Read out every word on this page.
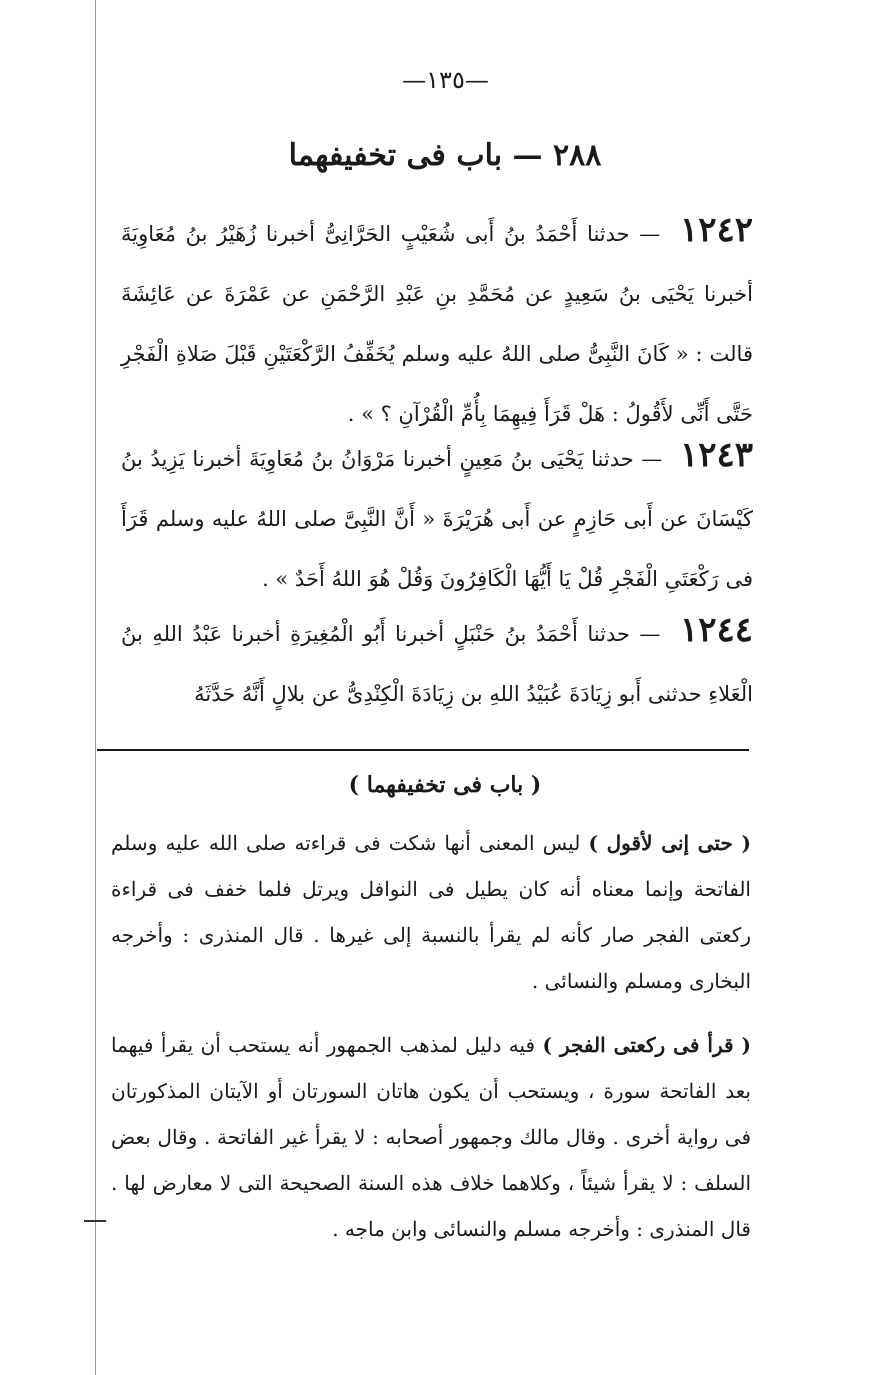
—١٣٥—
٢٨٨ — باب فى تخفيفهما
١٢٤٢ — حدثنا أَحْمَدُ بنُ أَبى شُعَيْبٍ الحَرَّانِىُّ أخبرنا زُهَيْرُ بنُ مُعَاوِيَةَ أخبرنا يَحْيَى بنُ سَعِيدٍ عن مُحَمَّدِ بنِ عَبْدِ الرَّحْمَنِ عن عَمْرَةَ عن عَائِشَةَ قالت : « كَانَ النَّبِىُّ صلى اللهُ عليه وسلم يُخَفِّفُ الرَّكْعَتَيْنِ قَبْلَ صَلاةِ الْفَجْرِ حَتَّى أَنِّى لأَقُولُ : هَلْ قَرَأَ فِيهِمَا بِأُمِّ الْقُرْآنِ ؟ » .
١٢٤٣ — حدثنا يَحْيَى بنُ مَعِينٍ أخبرنا مَرْوَانُ بنُ مُعَاوِيَةَ أخبرنا يَزِيدُ بنُ كَيْسَانَ عن أَبى حَازِمٍ عن أَبى هُرَيْرَةَ « أَنَّ النَّبِىَّ صلى اللهُ عليه وسلم قَرَأَ فى رَكْعَتَىِ الْفَجْرِ قُلْ يَا أَيُّهَا الْكَافِرُونَ وَقُلْ هُوَ اللهُ أَحَدٌ » .
١٢٤٤ — حدثنا أَحْمَدُ بنُ حَنْبَلٍ أخبرنا أَبُو الْمُغِيرَةِ أخبرنا عَبْدُ اللهِ بنُ الْعَلاءِ حدثنى أَبو زِيَادَةَ عُبَيْدُ اللهِ بن زِيَادَةَ الْكِنْدِىُّ عن بلالٍ أَنَّهُ حَدَّثَهُ
( باب فى تخفيفهما )
( حتى إنى لأقول ) ليس المعنى أنها شكت فى قراءته صلى الله عليه وسلم الفاتحة وإنما معناه أنه كان يطيل فى النوافل ويرتل فلما خفف فى قراءة ركعتى الفجر صار كأنه لم يقرأ بالنسبة إلى غيرها . قال المنذرى : وأخرجه البخارى ومسلم والنسائى .
( قرأ فى ركعتى الفجر ) فيه دليل لمذهب الجمهور أنه يستحب أن يقرأ فيهما بعد الفاتحة سورة ، ويستحب أن يكون هاتان السورتان أو الآيتان المذكورتان فى رواية أخرى . وقال مالك وجمهور أصحابه : لا يقرأ غير الفاتحة . وقال بعض السلف : لا يقرأ شيئاً ، وكلاهما خلاف هذه السنة الصحيحة التى لا معارض لها . قال المنذرى : وأخرجه مسلم والنسائى وابن ماجه .
